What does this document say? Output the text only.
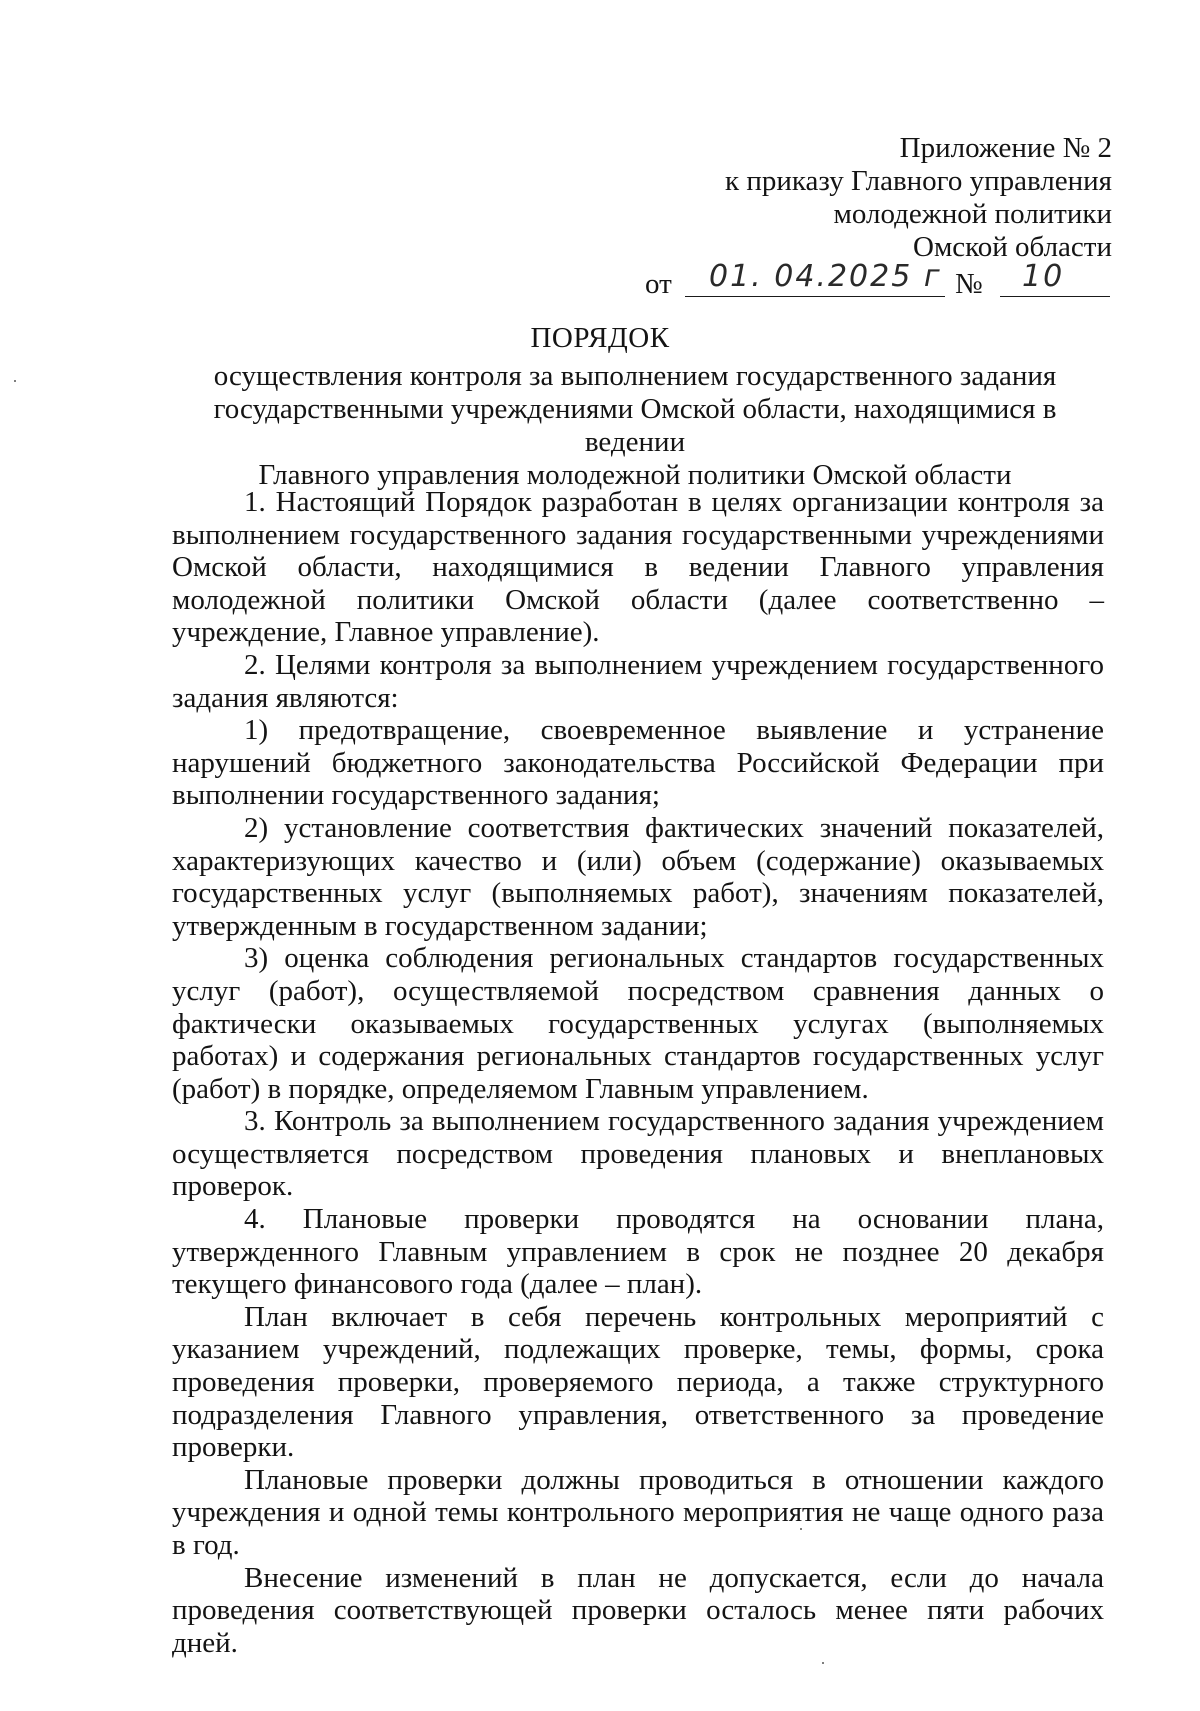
Приложение № 2
к приказу Главного управления
молодежной политики
Омской области
от 01. 04.2025 г № 10
ПОРЯДОК
осуществления контроля за выполнением государственного задания
государственными учреждениями Омской области, находящимися в ведении
Главного управления молодежной политики Омской области

1. Настоящий Порядок разработан в целях организации контроля за выполнением государственного задания государственными учреждениями Омской области, находящимися в ведении Главного управления молодежной политики Омской области (далее соответственно – учреждение, Главное управление).

2. Целями контроля за выполнением учреждением государственного задания являются:

1) предотвращение, своевременное выявление и устранение нарушений бюджетного законодательства Российской Федерации при выполнении государственного задания;

2) установление соответствия фактических значений показателей, характеризующих качество и (или) объем (содержание) оказываемых государственных услуг (выполняемых работ), значениям показателей, утвержденным в государственном задании;

3) оценка соблюдения региональных стандартов государственных услуг (работ), осуществляемой посредством сравнения данных о фактически оказываемых государственных услугах (выполняемых работах) и содержания региональных стандартов государственных услуг (работ) в порядке, определяемом Главным управлением.

3. Контроль за выполнением государственного задания учреждением осуществляется посредством проведения плановых и внеплановых проверок.

4. Плановые проверки проводятся на основании плана, утвержденного Главным управлением в срок не позднее 20 декабря текущего финансового года (далее – план).

План включает в себя перечень контрольных мероприятий с указанием учреждений, подлежащих проверке, темы, формы, срока проведения проверки, проверяемого периода, а также структурного подразделения Главного управления, ответственного за проведение проверки.

Плановые проверки должны проводиться в отношении каждого учреждения и одной темы контрольного мероприятия не чаще одного раза в год.

Внесение изменений в план не допускается, если до начала проведения соответствующей проверки осталось менее пяти рабочих дней.
